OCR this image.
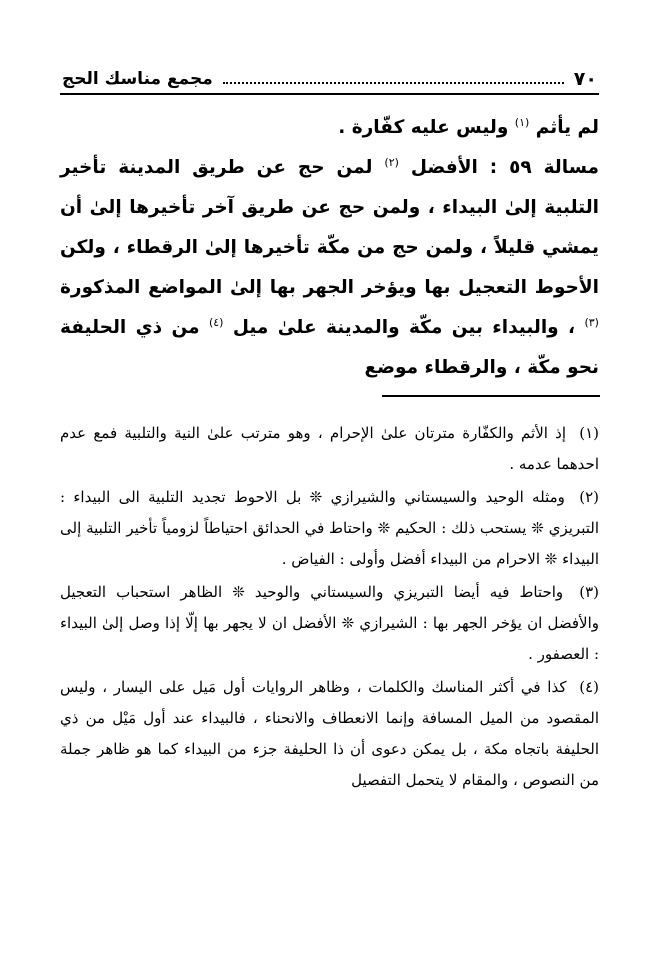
٧٠
مجمع مناسك الحج

لم يأثم $^{(١)}$ وليس عليه كفّارة .

مسالة ٥٩ : الأفضل $^{(٢)}$ لمن حج عن طريق المدينة تأخير التلبية إلىٰ البيداء ، ولمن حج عن طريق آخر تأخيرها إلىٰ أن يمشي قليلاً ، ولمن حج من مكّة تأخيرها إلىٰ الرقطاء ، ولكن الأحوط التعجيل بها ويؤخر الجهر بها إلىٰ المواضع المذكورة $^{(٣)}$ ، والبيداء بين مكّة والمدينة علىٰ ميل $^{(٤)}$ من ذي الحليفة نحو مكّة ، والرقطاء موضع

(١) إذ الأثم والكفّارة مترتان علىٰ الإحرام ، وهو مترتب علىٰ النية والتلبية فمع عدم احدهما عدمه .

(٢) ومثله الوحيد والسيستاني والشيرازي ❊ بل الاحوط تجديد التلبية الى البيداء : التبريزي ❊ يستحب ذلك : الحكيم ❊ واحتاط في الحدائق احتياطاً لزومياً تأخير التلبية إلى البيداء ❊ الاحرام من البيداء أفضل وأولى : الفياض .

(٣) واحتاط فيه أيضا التبريزي والسيستاني والوحيد ❊ الظاهر استحباب التعجيل والأفضل ان يؤخر الجهر بها : الشيرازي ❊ الأفضل ان لا يجهر بها إلّا إذا وصل إلىٰ البيداء : العصفور .

(٤) كذا في أكثر المناسك والكلمات ، وظاهر الروايات أول مَيل على اليسار ، وليس المقصود من الميل المسافة وإنما الانعطاف والانحناء ، فالبيداء عند أول مَيْل من ذي الحليفة باتجاه مكة ، بل يمكن دعوى أن ذا الحليفة جزء من البيداء كما هو ظاهر جملة من النصوص ، والمقام لا يتحمل التفصيل
